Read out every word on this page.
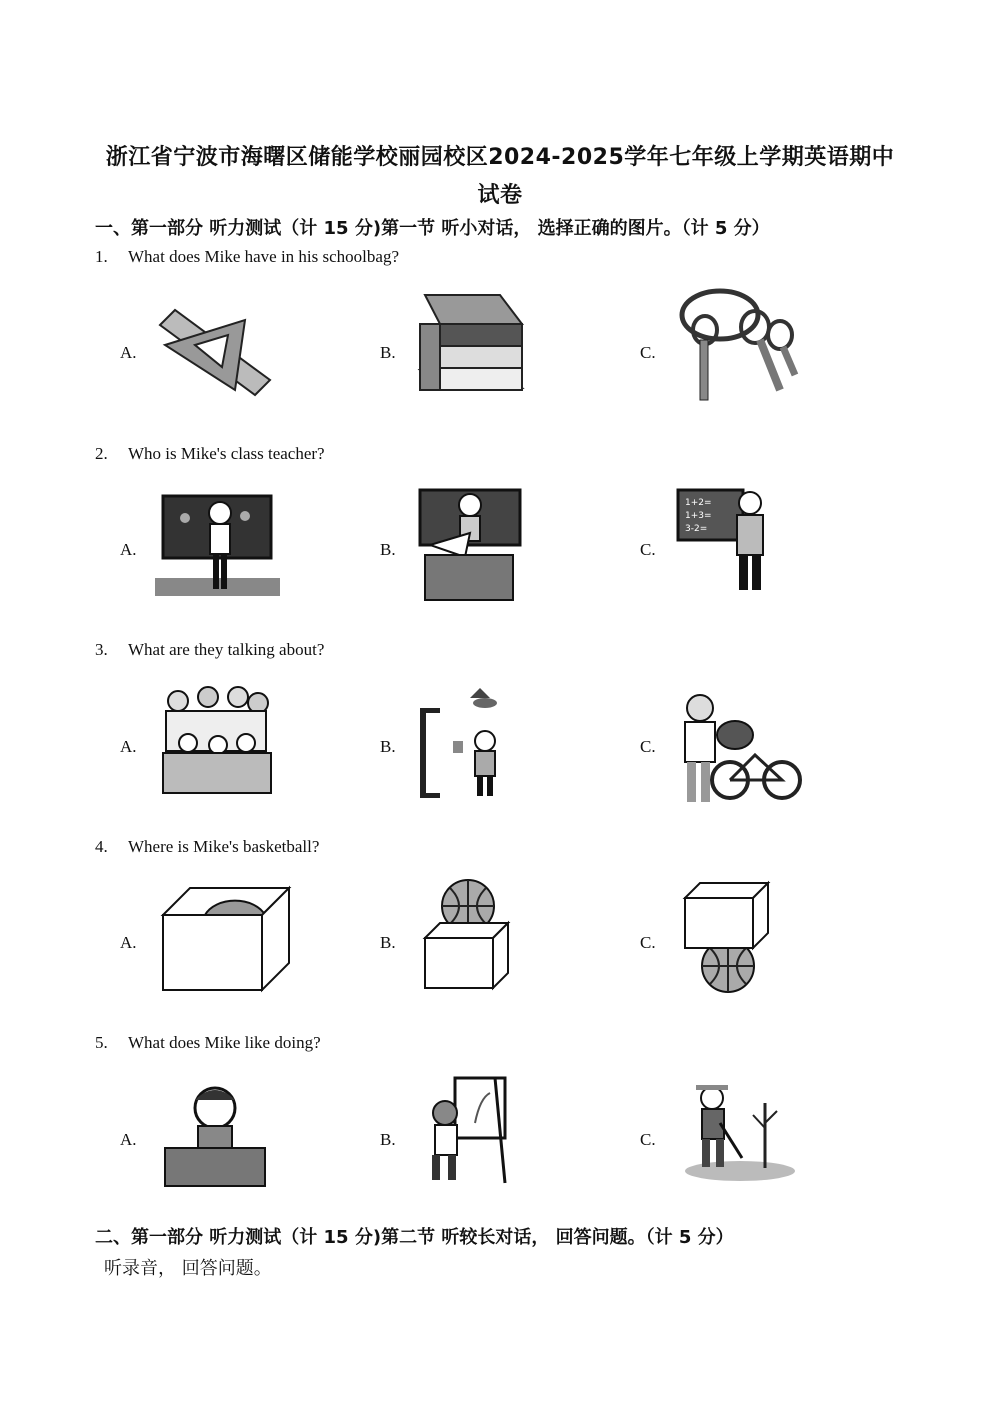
浙江省宁波市海曙区储能学校丽园校区2024-2025学年七年级上学期英语期中
试卷
一、第一部分 听力测试（计 15 分)第一节 听小对话， 选择正确的图片。（计 5 分）
1. What does Mike have in his schoolbag?
A.	B.	C.
2. Who is Mike's class teacher?
A.	B.	C.
1+2=
1+3=
3-2=
3. What are they talking about?
A.	B.	C.
4. Where is Mike's basketball?
A.	B.	C.
5. What does Mike like doing?
A.	B.	C.
二、第一部分 听力测试（计 15 分)第二节 听较长对话， 回答问题。（计 5 分）
听录音， 回答问题。
